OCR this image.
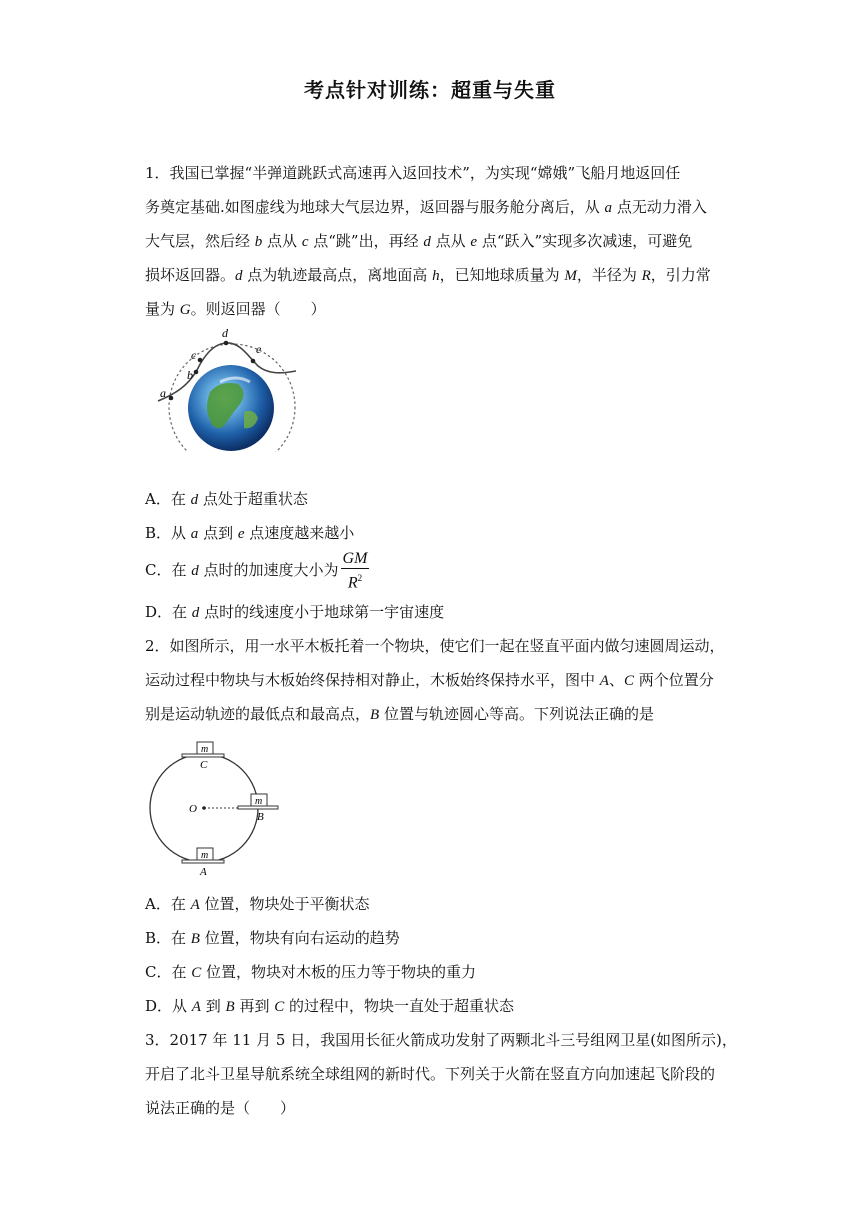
考点针对训练：超重与失重
1．我国已掌握“半弹道跳跃式高速再入返回技术”，为实现“嫦娥”飞船月地返回任
务奠定基础.如图虚线为地球大气层边界，返回器与服务舱分离后，从 a 点无动力滑入
大气层，然后经 b 点从 c 点“跳”出，再经 d 点从 e 点“跃入”实现多次减速，可避免
损坏返回器。d 点为轨迹最高点，离地面高 h，已知地球质量为 M，半径为 R，引力常
量为 G。则返回器（　　）
a
b
c
d
e
A．在 d 点处于超重状态
B．从 a 点到 e 点速度越来越小
C．在 d 点时的加速度大小为 $\frac{GM}{R^2}$
D．在 d 点时的线速度小于地球第一宇宙速度
2．如图所示，用一水平木板托着一个物块，使它们一起在竖直平面内做匀速圆周运动，
运动过程中物块与木板始终保持相对静止，木板始终保持水平，图中 A、C 两个位置分
别是运动轨迹的最低点和最高点，B 位置与轨迹圆心等高。下列说法正确的是
m
C
m
B
m
A
O
A．在 A 位置，物块处于平衡状态
B．在 B 位置，物块有向右运动的趋势
C．在 C 位置，物块对木板的压力等于物块的重力
D．从 A 到 B 再到 C 的过程中，物块一直处于超重状态
3．2017 年 11 月 5 日，我国用长征火箭成功发射了两颗北斗三号组网卫星(如图所示)，
开启了北斗卫星导航系统全球组网的新时代。下列关于火箭在竖直方向加速起飞阶段的
说法正确的是（　　）
